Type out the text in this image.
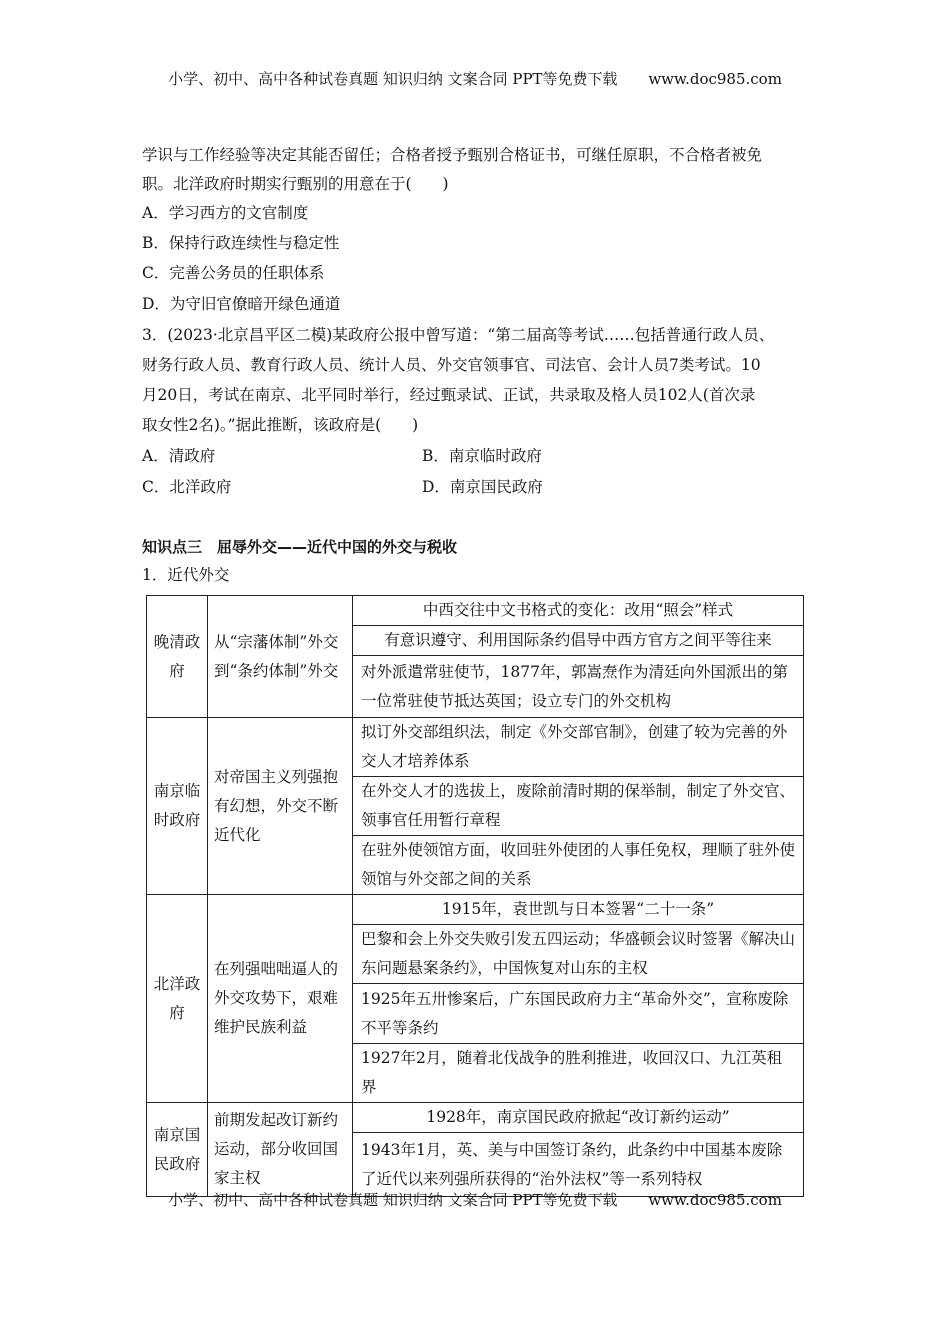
小学、初中、高中各种试卷真题 知识归纳 文案合同 PPT等免费下载 www.doc985.com
学识与工作经验等决定其能否留任；合格者授予甄别合格证书，可继任原职，不合格者被免
职。北洋政府时期实行甄别的用意在于(　　)
A．学习西方的文官制度
B．保持行政连续性与稳定性
C．完善公务员的任职体系
D．为守旧官僚暗开绿色通道
3．(2023·北京昌平区二模)某政府公报中曾写道：“第二届高等考试……包括普通行政人员、
财务行政人员、教育行政人员、统计人员、外交官领事官、司法官、会计人员7类考试。10
月20日，考试在南京、北平同时举行，经过甄录试、正试，共录取及格人员102人(首次录
取女性2名)。”据此推断，该政府是(　　)
A．清政府	B．南京临时政府
C．北洋政府	D．南京国民政府
知识点三　屈辱外交——近代中国的外交与税收
1．近代外交
晚清政府	从“宗藩体制”外交到“条约体制”外交	中西交往中文书格式的变化：改用“照会”样式
		有意识遵守、利用国际条约倡导中西方官方之间平等往来
		对外派遣常驻使节，1877年，郭嵩焘作为清廷向外国派出的第一位常驻使节抵达英国；设立专门的外交机构
南京临时政府	对帝国主义列强抱有幻想，外交不断近代化	拟订外交部组织法，制定《外交部官制》，创建了较为完善的外交人才培养体系
		在外交人才的选拔上，废除前清时期的保举制，制定了外交官、领事官任用暂行章程
		在驻外使领馆方面，收回驻外使团的人事任免权，理顺了驻外使领馆与外交部之间的关系
北洋政府	在列强咄咄逼人的外交攻势下，艰难维护民族利益	1915年，袁世凯与日本签署“二十一条”
		巴黎和会上外交失败引发五四运动；华盛顿会议时签署《解决山东问题悬案条约》，中国恢复对山东的主权
		1925年五卅惨案后，广东国民政府力主“革命外交”，宣称废除不平等条约
		1927年2月，随着北伐战争的胜利推进，收回汉口、九江英租界
南京国民政府	前期发起改订新约运动，部分收回国家主权	1928年，南京国民政府掀起“改订新约运动”
		1943年1月，英、美与中国签订条约，此条约中中国基本废除了近代以来列强所获得的“治外法权”等一系列特权
小学、初中、高中各种试卷真题 知识归纳 文案合同 PPT等免费下载 www.doc985.com
